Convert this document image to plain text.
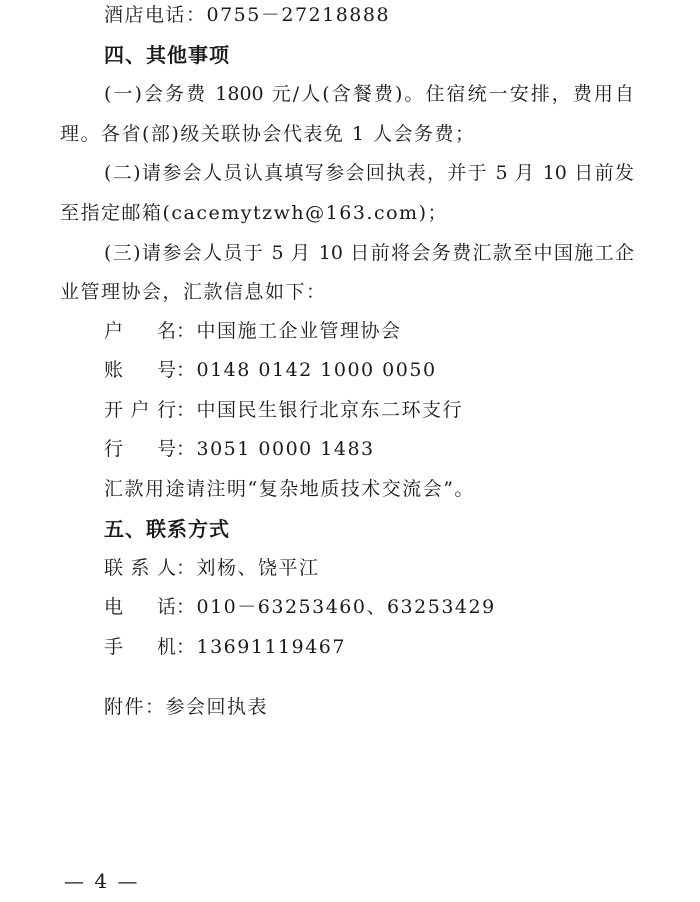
酒店电话：0755－27218888
四、其他事项
(一)会务费 1800 元/人(含餐费)。住宿统一安排，费用自
理。各省(部)级关联协会代表免 1 人会务费；
(二)请参会人员认真填写参会回执表，并于 5 月 10 日前发
至指定邮箱(cacemytzwh@163.com)；
(三)请参会人员于 5 月 10 日前将会务费汇款至中国施工企
业管理协会，汇款信息如下：
户 名：中国施工企业管理协会
账 号：0148 0142 1000 0050
开户行：中国民生银行北京东二环支行
行 号：3051 0000 1483
汇款用途请注明“复杂地质技术交流会”。
五、联系方式
联系人：刘杨、饶平江
电 话：010－63253460、63253429
手 机：13691119467
附件：参会回执表
— 4 —
